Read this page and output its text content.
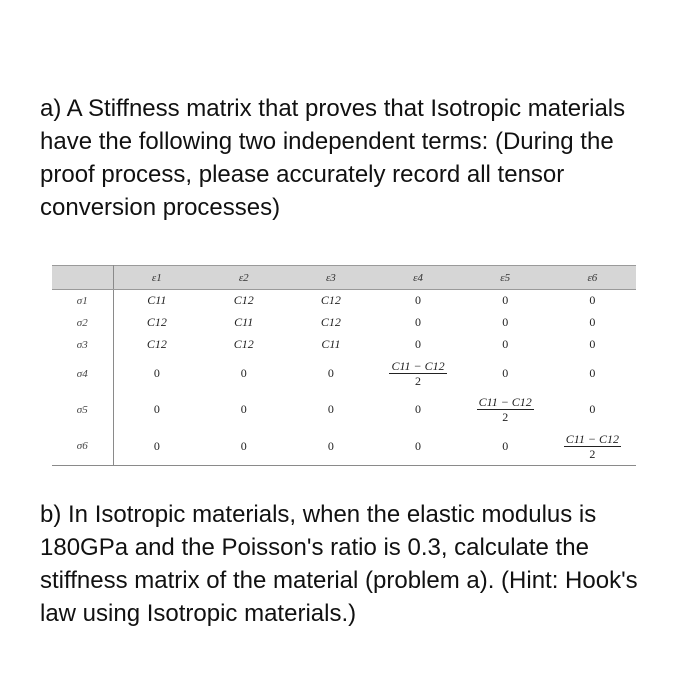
a) A Stiffness matrix that proves that Isotropic materials have the following two independent terms: (During the proof process, please accurately record all tensor conversion processes)

	ε1	ε2	ε3	ε4	ε5	ε6
σ1	C11	C12	C12	0	0	0
σ2	C12	C11	C12	0	0	0
σ3	C12	C12	C11	0	0	0
σ4	0	0	0	$\frac{C11 - C12}{2}$	0	0
σ5	0	0	0	0	$\frac{C11 - C12}{2}$	0
σ6	0	0	0	0	0	$\frac{C11 - C12}{2}$

b) In Isotropic materials, when the elastic modulus is 180GPa and the Poisson's ratio is 0.3, calculate the stiffness matrix of the material (problem a). (Hint: Hook's law using Isotropic materials.)
